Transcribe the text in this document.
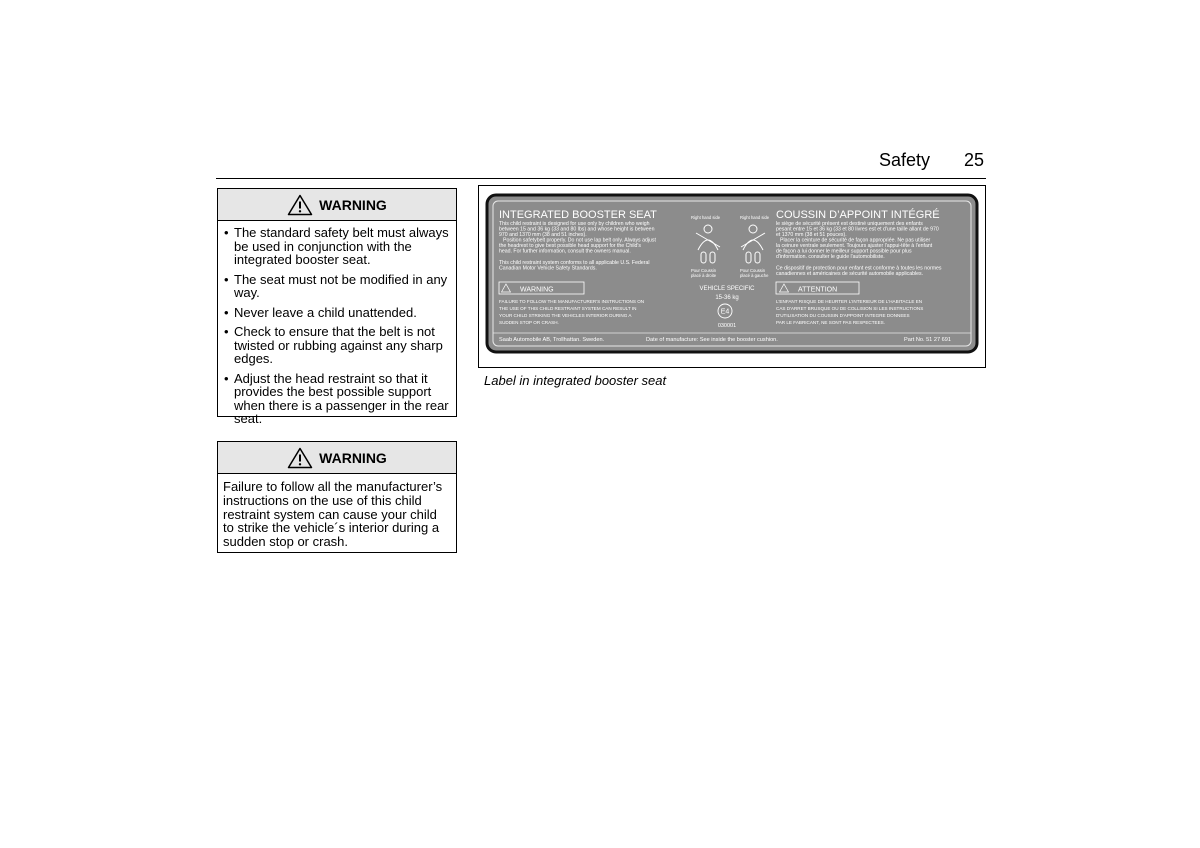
Safety 25
WARNING
• The standard safety belt must always be used in conjunction with the integrated booster seat.
• The seat must not be modified in any way.
• Never leave a child unattended.
• Check to ensure that the belt is not twisted or rubbing against any sharp edges.
• Adjust the head restraint so that it provides the best possible support when there is a passenger in the rear seat.
WARNING
Failure to follow all the manufacturer’s instructions on the use of this child restraint system can cause your child to strike the vehicle´s interior during a sudden stop or crash.
INTEGRATED BOOSTER SEAT	COUSSIN D’APPOINT INTÉGRÉ
This child restraint is designed for use only by children who weigh
between 15 and 36 kg (33 and 80 lbs) and whose height is between
970 and 1370 mm (38 and 51 inches).
Position safetybelt properly. Do not use lap belt only. Always adjust
the headrest to give best possible head support for the Child's
head. For further information, consult the owners manual.
This child restraint system conforms to all applicable U.S. Federal
Canadian Motor Vehicle Safety Standards.
le siège de sécurité présent est destiné uniquement des enfants
pesant entre 15 et 36 kg (33 et 80 livres est et d'une taille allant de 970
et 1370 mm (38 et 51 pouces).
Placer la ceinture de sécurité de façon appropriée. Ne pas utiliser
la ceinure ventrale seulement. Toujours ajuster l'appui-tête à l'enfant
de façon a lui donner le meilleur support possible pour plus
d'information. consulter le guide l'automobiliste.
Ce dispositif de protection pour enfant est conforme à toutes les normes
canadiennes et américaines de sécurité automobile applicables.
Right hand side	Right hand side
Pour Coussin
placé à droite
Pour Coussin
placé à gauche
WARNING
FAILURE TO FOLLOW THE MANUFACTURER'S INSTRUCTIONS ON
THE USE OF THIS CHILD RESTRAINT SYSTEM CAN RESULT IN
YOUR CHILD STRIKING THE VEHICLES INTERIOR DURING A
SUDDEN STOP OR CRASH.
ATTENTION
L'ENFANT RISQUE DE HEURTER L'INTERIEUR DE L'HABITACLE EN
CAS D'ARRET BRUSQUE OU DE COLLISION SI LES INSTRUCTIONS
D'UTILISATION DU COUSSIN D'APPOINT INTEGRE DONNEES
PAR LE FABRICANT, NE SONT PAS RESPECTEES.
VEHICLE SPECIFIC
15-36 kg
E4
030001
Saab Automobile AB, Trollhattan. Sweden.	Date of manufacture: See inside the booster cushion.	Part No. 51 27 691
Label in integrated booster seat
